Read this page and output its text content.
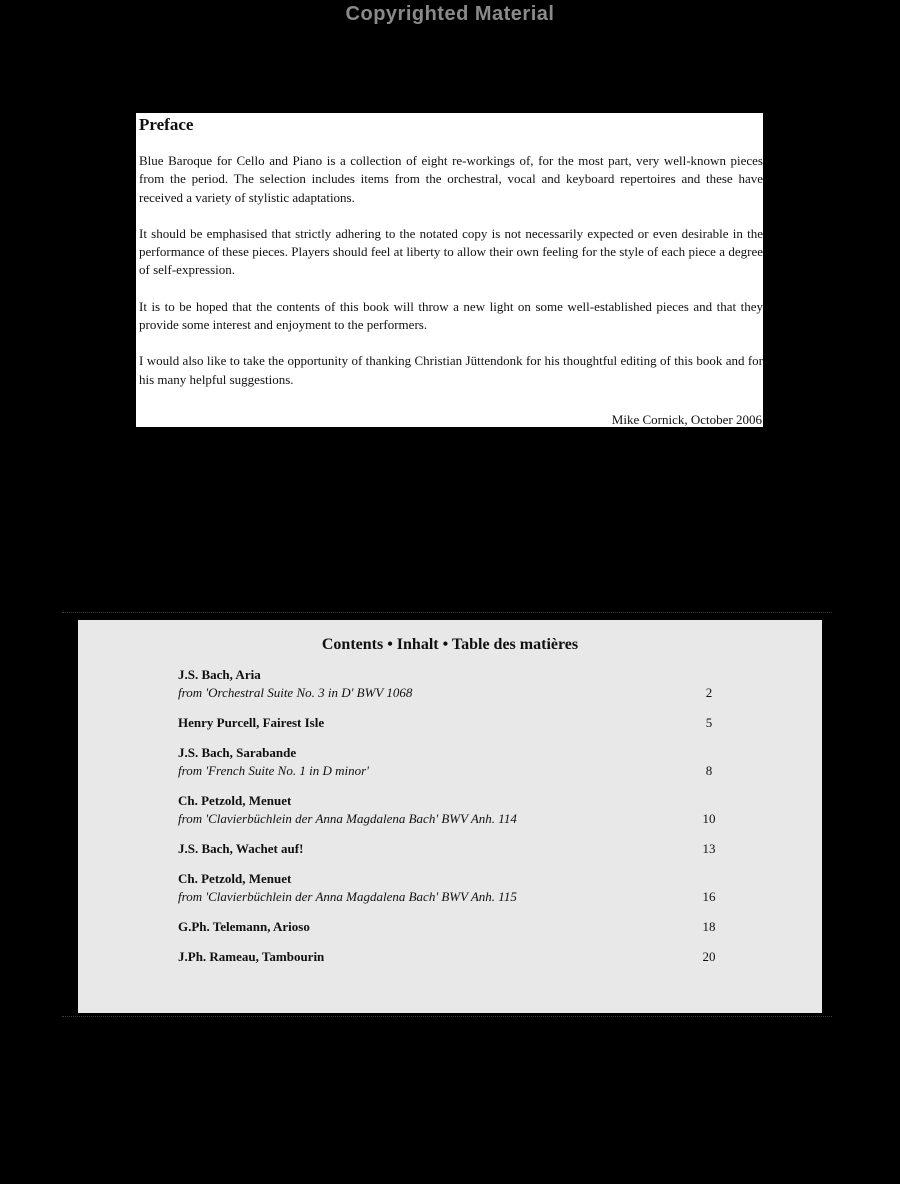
Copyrighted Material
Preface

Blue Baroque for Cello and Piano is a collection of eight re-workings of, for the most part, very well-known pieces from the period. The selection includes items from the orchestral, vocal and keyboard repertoires and these have received a variety of stylistic adaptations.

It should be emphasised that strictly adhering to the notated copy is not necessarily expected or even desirable in the performance of these pieces. Players should feel at liberty to allow their own feeling for the style of each piece a degree of self-expression.

It is to be hoped that the contents of this book will throw a new light on some well-established pieces and that they provide some interest and enjoyment to the performers.

I would also like to take the opportunity of thanking Christian Jüttendonk for his thoughtful editing of this book and for his many helpful suggestions.

Mike Cornick, October 2006
Contents • Inhalt • Table des matières
J.S. Bach, Aria
from 'Orchestral Suite No. 3 in D' BWV 1068	2
Henry Purcell, Fairest Isle	5
J.S. Bach, Sarabande
from 'French Suite No. 1 in D minor'	8
Ch. Petzold, Menuet
from 'Clavierbüchlein der Anna Magdalena Bach' BWV Anh. 114	10
J.S. Bach, Wachet auf!	13
Ch. Petzold, Menuet
from 'Clavierbüchlein der Anna Magdalena Bach' BWV Anh. 115	16
G.Ph. Telemann, Arioso	18
J.Ph. Rameau, Tambourin	20
